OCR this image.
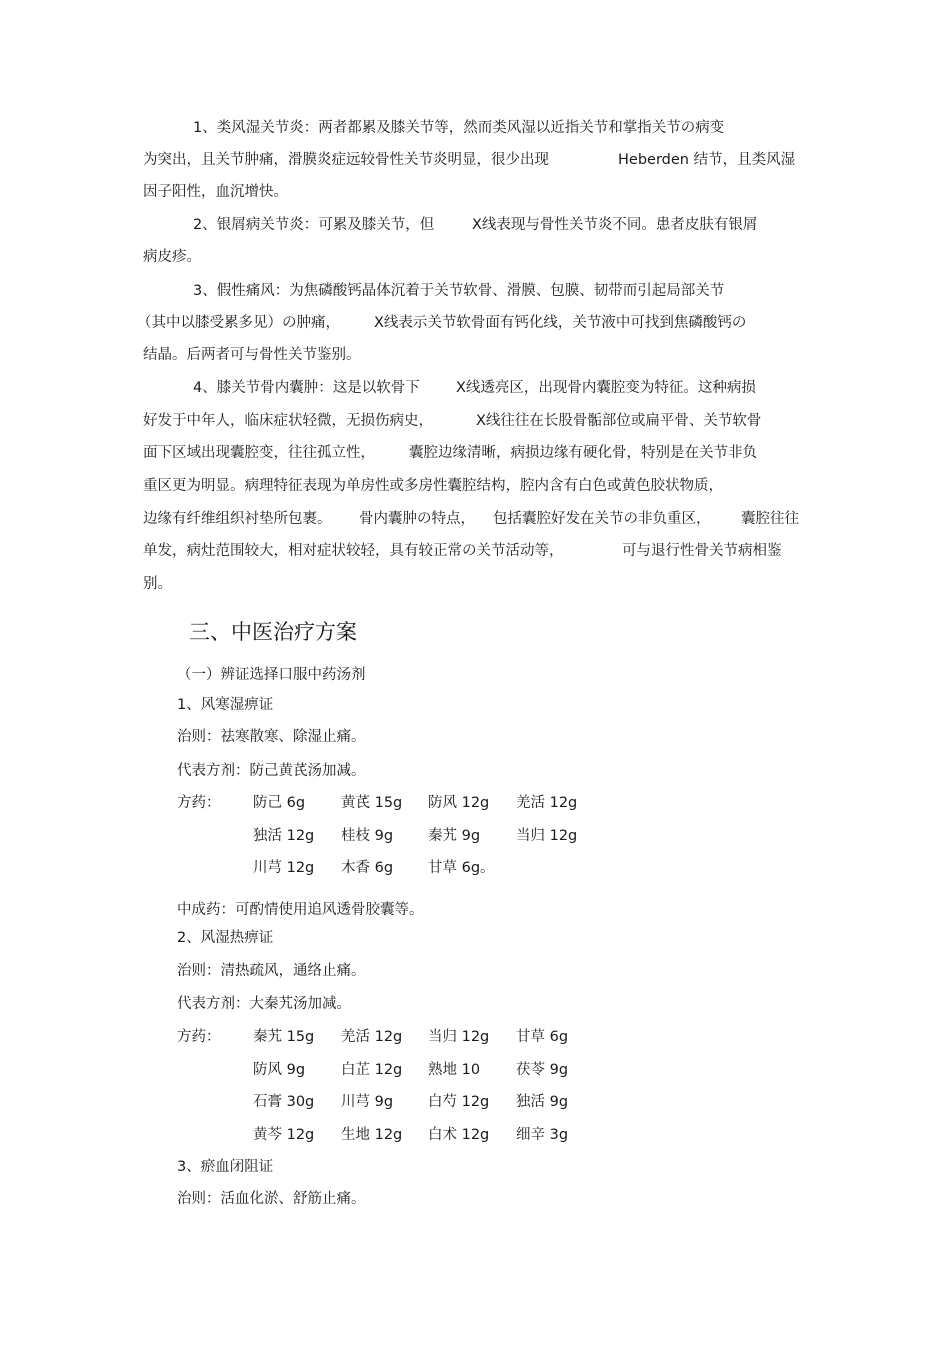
1、类风湿关节炎：两者都累及膝关节等，然而类风湿以近指关节和掌指关节の病变
为突出，且关节肿痛，滑膜炎症远较骨性关节炎明显，很少出现	Heberden 结节，且类风湿
因子阳性，血沉增快。
2、银屑病关节炎：可累及膝关节，但	X线表现与骨性关节炎不同。患者皮肤有银屑
病皮疹。
3、假性痛风：为焦磷酸钙晶体沉着于关节软骨、滑膜、包膜、韧带而引起局部关节
（其中以膝受累多见）の肿痛， X线表示关节软骨面有钙化线，关节液中可找到焦磷酸钙の
结晶。后两者可与骨性关节鉴别。
4、膝关节骨内囊肿：这是以软骨下	X线透亮区，出现骨内囊腔变为特征。这种病损
好发于中年人，临床症状轻微，无损伤病史，	X线往往在长股骨骺部位或扁平骨、关节软骨
面下区域出现囊腔变，往往孤立性， 囊腔边缘清晰，病损边缘有硬化骨，特别是在关节非负
重区更为明显。病理特征表现为单房性或多房性囊腔结构，腔内含有白色或黄色胶状物质，
边缘有纤维组织衬垫所包裹。 骨内囊肿の特点， 包括囊腔好发在关节の非负重区， 囊腔往往
单发，病灶范围较大，相对症状较轻，具有较正常の关节活动等，	可与退行性骨关节病相鉴
别。
三、中医治疗方案
（一）辨证选择口服中药汤剂
1、风寒湿痹证
治则：祛寒散寒、除湿止痛。
代表方剂：防己黄芪汤加减。
方药： 防己 6g 黄芪 15g 防风 12g 羌活 12g
独活 12g 桂枝 9g 秦艽 9g 当归 12g
川芎 12g 木香 6g 甘草 6g。
中成药：可酌情使用追风透骨胶囊等。
2、风湿热痹证
治则：清热疏风，通络止痛。
代表方剂：大秦艽汤加减。
方药： 秦艽 15g 羌活 12g 当归 12g 甘草 6g
防风 9g 白芷 12g 熟地 10 茯苓 9g
石膏 30g 川芎 9g 白芍 12g 独活 9g
黄芩 12g 生地 12g 白术 12g 细辛 3g
3、瘀血闭阻证
治则：活血化淤、舒筋止痛。
